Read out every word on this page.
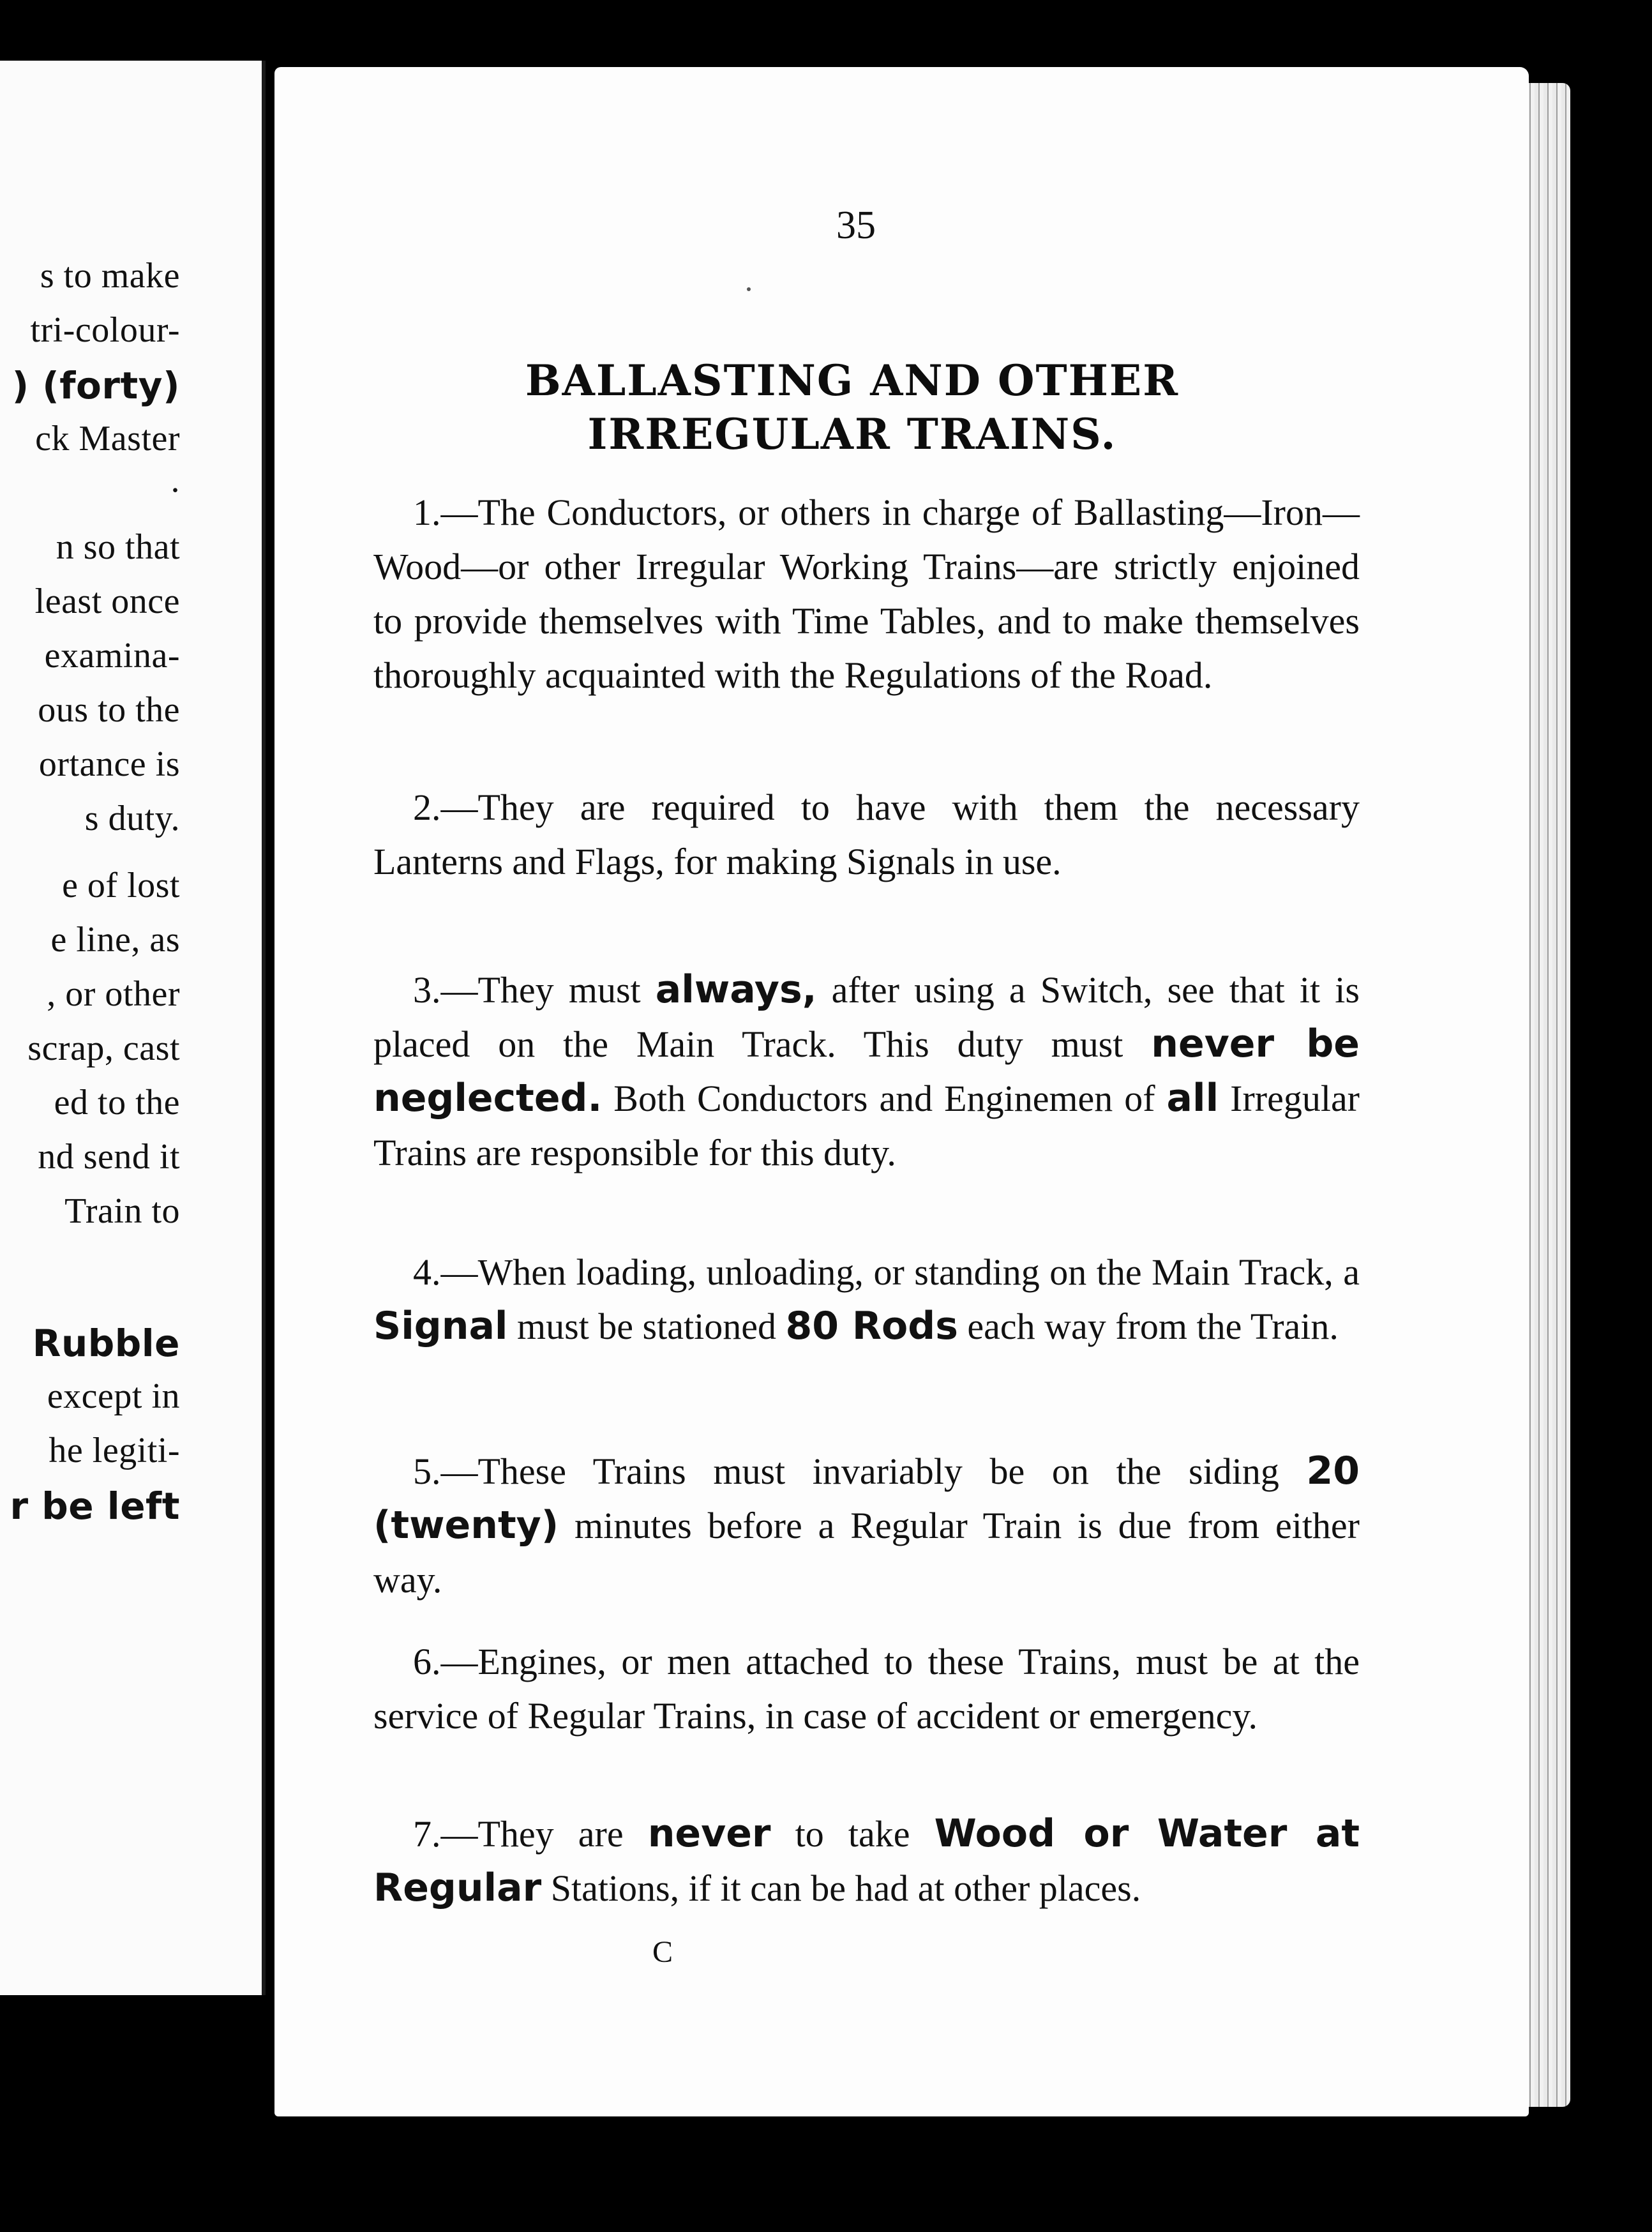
s to make
tri-colour-
) (forty)
ck Master
.
n so that
least once
examina-
ous to the
ortance is
s duty.
e of lost
e line, as
, or other
scrap, cast
ed to the
nd send it
Train to
Rubble
except in
he legiti-
r be left
35
BALLASTING AND OTHER
IRREGULAR TRAINS.
1.—The Conductors, or others in charge of Ballasting—Iron—Wood—or other Irregular Working Trains—are strictly enjoined to provide themselves with Time Tables, and to make themselves thoroughly acquainted with the Regulations of the Road.
2.—They are required to have with them the necessary Lanterns and Flags, for making Signals in use.
3.—They must always, after using a Switch, see that it is placed on the Main Track. This duty must never be neglected. Both Conductors and Enginemen of all Irregular Trains are responsible for this duty.
4.—When loading, unloading, or standing on the Main Track, a Signal must be stationed 80 Rods each way from the Train.
5.—These Trains must invariably be on the siding 20 (twenty) minutes before a Regular Train is due from either way.
6.—Engines, or men attached to these Trains, must be at the service of Regular Trains, in case of accident or emergency.
7.—They are never to take Wood or Water at Regular Stations, if it can be had at other places.
C
